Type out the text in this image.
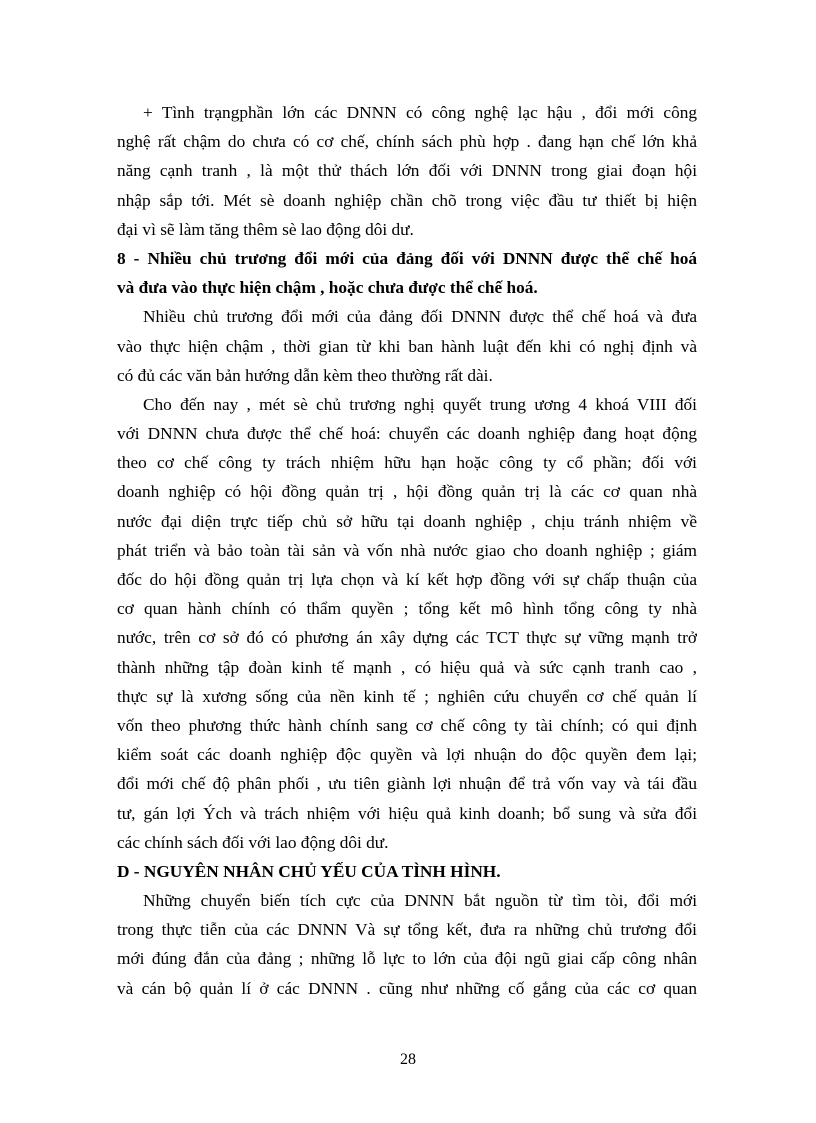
+ Tình trạngphần lớn các DNNN có công nghệ lạc hậu , đổi mới công
nghệ rất chậm do chưa có cơ chế, chính sách phù hợp . đang hạn chế lớn khả
năng cạnh tranh , là một thử thách lớn đối với DNNN trong giai đoạn hội
nhập sắp tới. Mét sè doanh nghiệp chần chõ trong việc đầu tư thiết bị hiện
đại vì sẽ làm tăng thêm sè lao động dôi dư.
8 - Nhiều chủ trương đổi mới của đảng đối với DNNN được thể chế hoá
và đưa vào thực hiện chậm , hoặc chưa được thể chế hoá.
Nhiều chủ trương đổi mới của đảng đối DNNN được thể chế hoá và đưa
vào thực hiện chậm , thời gian từ khi ban hành luật đến khi có nghị định và
có đủ các văn bản hướng dẫn kèm theo thường rất dài.
Cho đến nay , mét sè chủ trương nghị quyết trung ương 4 khoá VIII đối
với DNNN chưa được thể chế hoá: chuyển các doanh nghiệp đang hoạt động
theo cơ chế công ty trách nhiệm hữu hạn hoặc công ty cổ phần; đối với
doanh nghiệp có hội đồng quản trị , hội đồng quản trị là các cơ quan nhà
nước đại diện trực tiếp chủ sở hữu tại doanh nghiệp , chịu tránh nhiệm về
phát triển và bảo toàn tài sản và vốn nhà nước giao cho doanh nghiệp ; giám
đốc do hội đồng quản trị lựa chọn và kí kết hợp đồng với sự chấp thuận của
cơ quan hành chính có thẩm quyền ; tổng kết mô hình tổng công ty nhà
nước, trên cơ sở đó có phương án xây dựng các TCT thực sự vững mạnh trở
thành những tập đoàn kinh tế mạnh , có hiệu quả và sức cạnh tranh cao ,
thực sự là xương sống của nền kinh tế ; nghiên cứu chuyển cơ chế quản lí
vốn theo phương thức hành chính sang cơ chế công ty tài chính; có qui định
kiểm soát các doanh nghiệp độc quyền và lợi nhuận do độc quyền đem lại;
đổi mới chế độ phân phối , ưu tiên giành lợi nhuận để trả vốn vay và tái đầu
tư, gán lợi Ých và trách nhiệm với hiệu quả kinh doanh; bổ sung và sửa đổi
các chính sách đối với lao động dôi dư.
D - NGUYÊN NHÂN CHỦ YẾU CỦA TÌNH HÌNH.
Những chuyển biến tích cực của DNNN bắt nguồn từ tìm tòi, đổi mới
trong thực tiễn của các DNNN Và sự tổng kết, đưa ra những chủ trương đổi
mới đúng đắn của đảng ; những lỗ lực to lớn của đội ngũ giai cấp công nhân
và cán bộ quản lí ở các DNNN . cũng như những cố gắng của các cơ quan
28
